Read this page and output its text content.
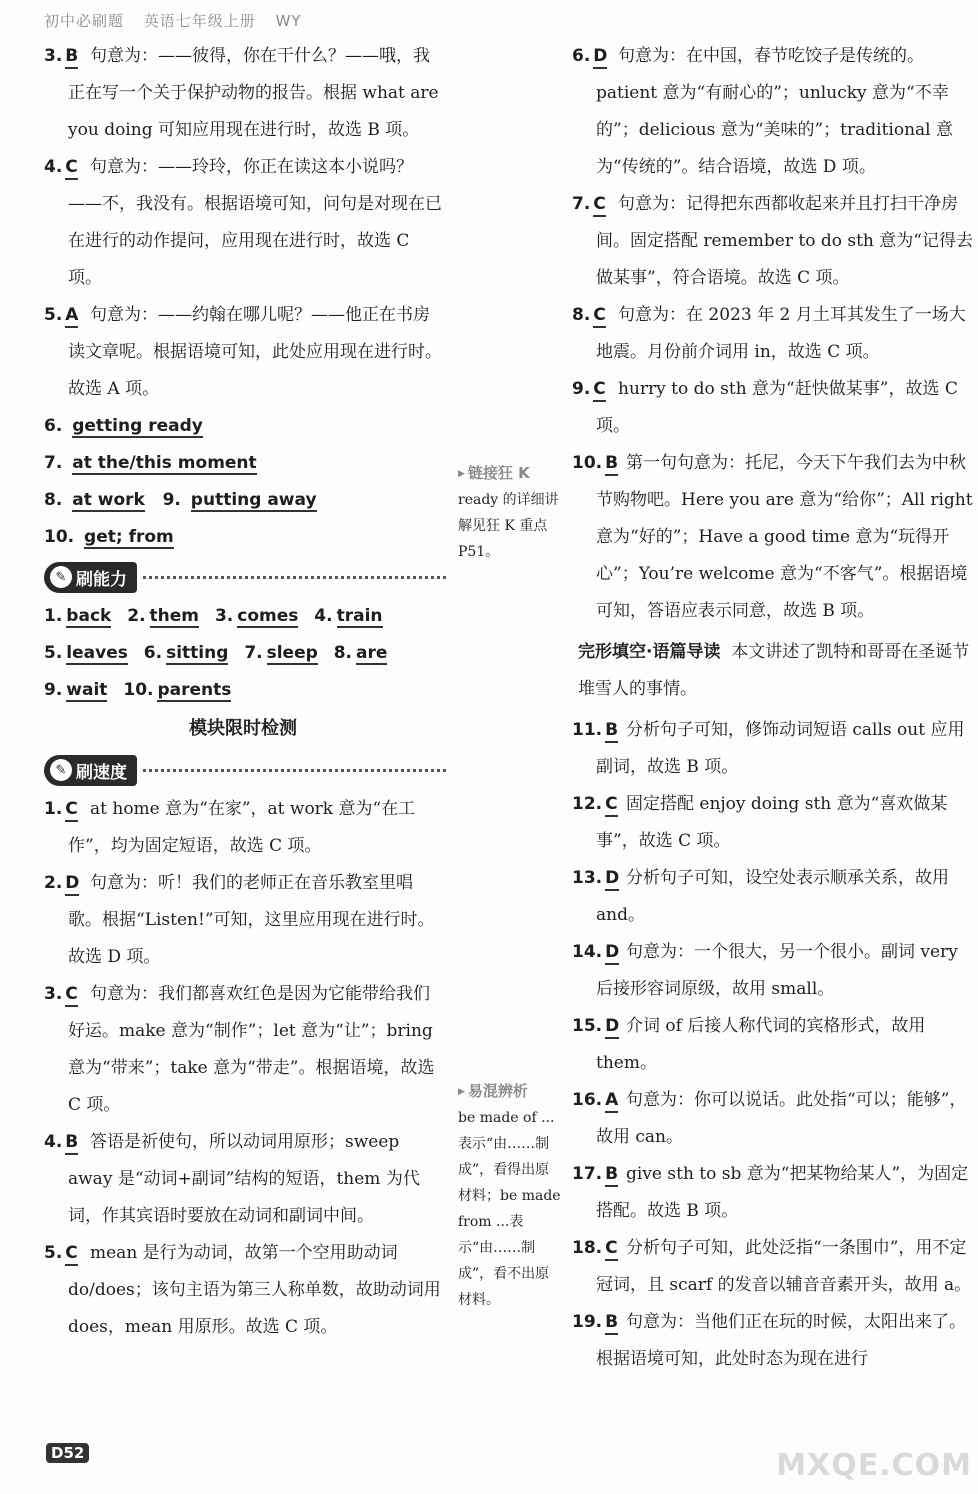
初中必刷题 英语七年级上册 WY

3. B 句意为：——彼得，你在干什么？——哦，我正在写一个关于保护动物的报告。根据 what are you doing 可知应用现在进行时，故选 B 项。

4. C 句意为：——玲玲，你正在读这本小说吗？——不，我没有。根据语境可知，问句是对现在已在进行的动作提问，应用现在进行时，故选 C 项。

5. A 句意为：——约翰在哪儿呢？——他正在书房读文章呢。根据语境可知，此处应用现在进行时。故选 A 项。

6. getting ready
7. at the/this moment
8. at work 9. putting away
10. get; from
✎ 刷能力
1. back 2. them 3. comes 4. train
5. leaves 6. sitting 7. sleep 8. are
9. wait 10. parents
模块限时检测
✎ 刷速度

1. C at home 意为“在家”，at work 意为“在工作”，均为固定短语，故选 C 项。

2. D 句意为：听！我们的老师正在音乐教室里唱歌。根据“Listen!”可知，这里应用现在进行时。故选 D 项。

3. C 句意为：我们都喜欢红色是因为它能带给我们好运。make 意为“制作”；let 意为“让”；bring 意为“带来”；take 意为“带走”。根据语境，故选 C 项。

4. B 答语是祈使句，所以动词用原形；sweep away 是“动词+副词”结构的短语，them 为代词，作其宾语时要放在动词和副词中间。

5. C mean 是行为动词，故第一个空用助动词 do/does；该句主语为第三人称单数，故助动词用 does，mean 用原形。故选 C 项。

▶ 链接狂 K
ready 的详细讲解见狂 K 重点 P51。
▶ 易混辨析
be made of ...表示“由……制成”，看得出原材料；be made from ...表示“由……制成”，看不出原材料。

6. D 句意为：在中国，春节吃饺子是传统的。patient 意为“有耐心的”；unlucky 意为“不幸的”；delicious 意为“美味的”；traditional 意为“传统的”。结合语境，故选 D 项。

7. C 句意为：记得把东西都收起来并且打扫干净房间。固定搭配 remember to do sth 意为“记得去做某事”，符合语境。故选 C 项。

8. C 句意为：在 2023 年 2 月土耳其发生了一场大地震。月份前介词用 in，故选 C 项。

9. C hurry to do sth 意为“赶快做某事”，故选 C 项。

10. B 第一句句意为：托尼，今天下午我们去为中秋节购物吧。Here you are 意为“给你”；All right 意为“好的”；Have a good time 意为“玩得开心”；You’re welcome 意为“不客气”。根据语境可知，答语应表示同意，故选 B 项。

完形填空·语篇导读 本文讲述了凯特和哥哥在圣诞节堆雪人的事情。

11. B 分析句子可知，修饰动词短语 calls out 应用副词，故选 B 项。

12. C 固定搭配 enjoy doing sth 意为“喜欢做某事”，故选 C 项。

13. D 分析句子可知，设空处表示顺承关系，故用 and。

14. D 句意为：一个很大，另一个很小。副词 very 后接形容词原级，故用 small。

15. D 介词 of 后接人称代词的宾格形式，故用 them。

16. A 句意为：你可以说话。此处指“可以；能够”，故用 can。

17. B give sth to sb 意为“把某物给某人”，为固定搭配。故选 B 项。

18. C 分析句子可知，此处泛指“一条围巾”，用不定冠词，且 scarf 的发音以辅音音素开头，故用 a。

19. B 句意为：当他们正在玩的时候，太阳出来了。根据语境可知，此处时态为现在进行

D52	MXQE.COM
